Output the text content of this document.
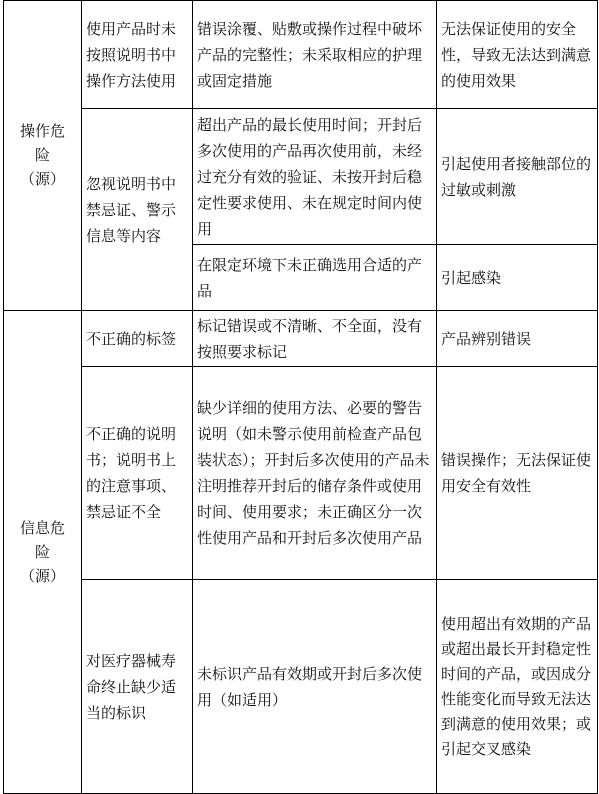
操作危险（源）	使用产品时未按照说明书中操作方法使用	错误涂覆、贴敷或操作过程中破坏产品的完整性；未采取相应的护理或固定措施	无法保证使用的安全性，导致无法达到满意的使用效果
	忽视说明书中禁忌证、警示信息等内容	超出产品的最长使用时间；开封后多次使用的产品再次使用前，未经过充分有效的验证、未按开封后稳定性要求使用、未在规定时间内使用	引起使用者接触部位的过敏或刺激
		在限定环境下未正确选用合适的产品	引起感染
信息危险（源）	不正确的标签	标记错误或不清晰、不全面，没有按照要求标记	产品辨别错误
	不正确的说明书；说明书上的注意事项、禁忌证不全	缺少详细的使用方法、必要的警告说明（如未警示使用前检查产品包装状态）；开封后多次使用的产品未注明推荐开封后的储存条件或使用时间、使用要求；未正确区分一次性使用产品和开封后多次使用产品	错误操作；无法保证使用安全有效性
	对医疗器械寿命终止缺少适当的标识	未标识产品有效期或开封后多次使用（如适用）	使用超出有效期的产品或超出最长开封稳定性时间的产品，或因成分性能变化而导致无法达到满意的使用效果；或引起交叉感染
